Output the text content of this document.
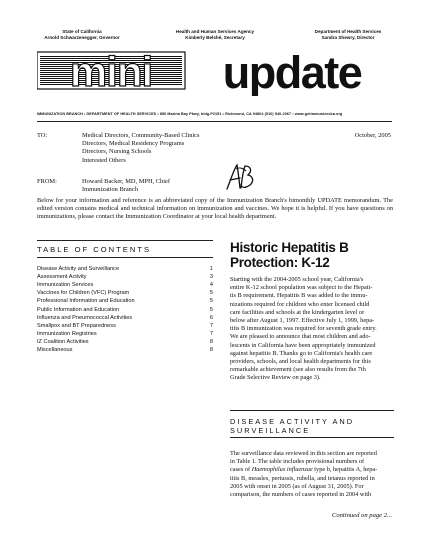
State of California
Arnold Schwarzenegger, Governor
Health and Human Services Agency
Kimberly Belshé, Secretary
Department of Health Services
Sandra Shewry, Director
mini update
IMMUNIZATION BRANCH • DEPARTMENT OF HEALTH SERVICES • 850 Marina Bay Pkwy, bldg.P2151 • Richmond, CA 94804 (510) 540-2067 • www.getimmunizedca.org
TO:	Medical Directors, Community-Based Clinics
Directors, Medical Residency Programs
Directors, Nursing Schools
Interested Others
October, 2005
FROM:	Howard Backer, MD, MPH, Chief
Immunization Branch
Below for your information and reference is an abbreviated copy of the Immunization Branch's bimonthly UPDATE memorandum. The edited version contains medical and technical information on immunization and vaccines. We hope it is helpful. If you have questions on immunizations, please contact the Immunization Coordinator at your local health department.
TABLE OF CONTENTS
Disease Activity and Surveillance	1
Assessment Activity	3
Immunization Services	4
Vaccines for Children (VFC) Program	5
Professional Information and Education	5
Public Information and Education	5
Influenza and Pneumococcal Activities	6
Smallpox and BT Preparedness	7
Immunization Registries	7
IZ Coalition Activities	8
Miscellaneous	8
Historic Hepatitis B
Protection: K-12
Starting with the 2004-2005 school year, California's
entire K-12 school population was subject to the Hepati-
tis B requirement. Hepatitis B was added to the immu-
nizations required for children who enter licensed child
care facilities and schools at the kindergarten level or
below after August 1, 1997. Effective July 1, 1999, hepa-
titis B immunization was required for seventh grade entry.
We are pleased to announce that most children and ado-
lescents in California have been appropriately immunized
against hepatitis B. Thanks go to California's health care
providers, schools, and local health departments for this
remarkable achievement (see also results from the 7th
Grade Selective Review on page 3).
DISEASE ACTIVITY AND
SURVEILLANCE
The surveillance data reviewed in this section are reported
in Table 1. The table includes provisional numbers of
cases of Haemophilus influenzae type b, hepatitis A, hepa-
titis B, measles, pertussis, rubella, and tetanus reported in
2005 with onset in 2005 (as of August 31, 2005). For
comparison, the numbers of cases reported in 2004 with
Continued on page 2...
